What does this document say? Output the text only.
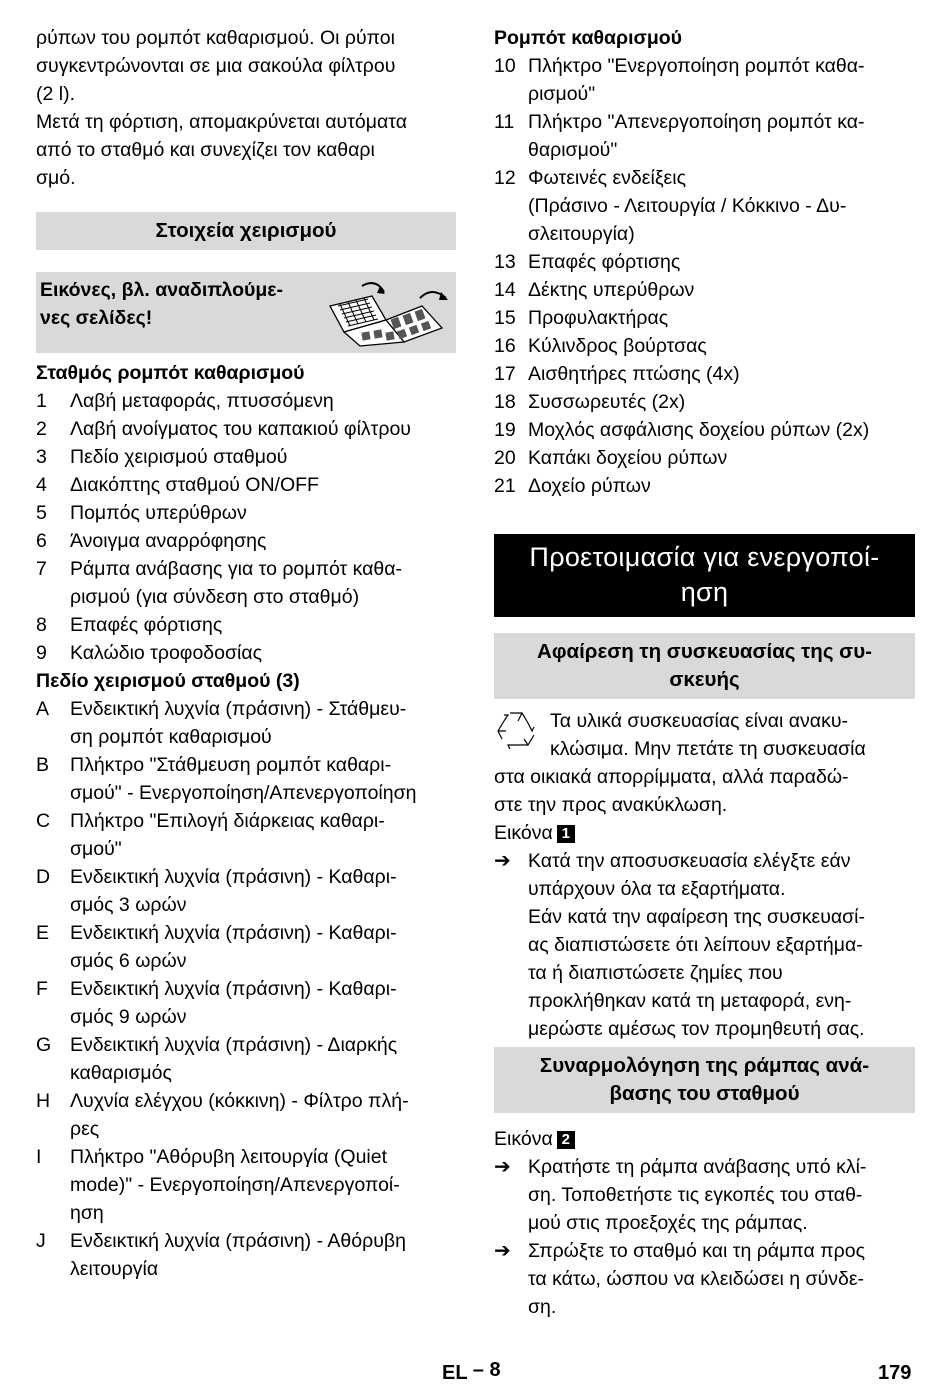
ρύπων του ρομπότ καθαρισμού. Οι ρύποι
συγκεντρώνονται σε μια σακούλα φίλτρου
(2 l).
Μετά τη φόρτιση, απομακρύνεται αυτόματα
από το σταθμό και συνεχίζει τον καθαρι
σμό.
Στοιχεία χειρισμού
Εικόνες, βλ. αναδιπλούμε-
νες σελίδες!

Σταθμός ρομπότ καθαρισμού

1	Λαβή μεταφοράς, πτυσσόμενη
2	Λαβή ανοίγματος του καπακιού φίλτρου
3	Πεδίο χειρισμού σταθμού
4	Διακόπτης σταθμού ON/OFF
5	Πομπός υπερύθρων
6	Άνοιγμα αναρρόφησης
7	Ράμπα ανάβασης για το ρομπότ καθα-
ρισμού (για σύνδεση στο σταθμό)
8	Επαφές φόρτισης
9	Καλώδιο τροφοδοσίας

Πεδίο χειρισμού σταθμού (3)

A	Ενδεικτική λυχνία (πράσινη) - Στάθμευ-
ση ρομπότ καθαρισμού
B	Πλήκτρο "Στάθμευση ρομπότ καθαρι-
σμού" - Ενεργοποίηση/Απενεργοποίηση
C	Πλήκτρο "Επιλογή διάρκειας καθαρι-
σμού"
D	Ενδεικτική λυχνία (πράσινη) - Καθαρι-
σμός 3 ωρών
E	Ενδεικτική λυχνία (πράσινη) - Καθαρι-
σμός 6 ωρών
F	Ενδεικτική λυχνία (πράσινη) - Καθαρι-
σμός 9 ωρών
G Ενδεικτική λυχνία (πράσινη) - Διαρκής
καθαρισμός
H	Λυχνία ελέγχου (κόκκινη) - Φίλτρο πλή-
ρες
I	Πλήκτρο "Αθόρυβη λειτουργία (Quiet
mode)" - Ενεργοποίηση/Απενεργοποί-
ηση
J	Ενδεικτική λυχνία (πράσινη) - Αθόρυβη
λειτουργία

Ρομπότ καθαρισμού

10 Πλήκτρο "Ενεργοποίηση ρομπότ καθα-
ρισμού"
11 Πλήκτρο "Απενεργοποίηση ρομπότ κα-
θαρισμού"
12 Φωτεινές ενδείξεις
(Πράσινο - Λειτουργία / Κόκκινο - Δυ-
σλειτουργία)
13 Επαφές φόρτισης
14 Δέκτης υπερύθρων
15 Προφυλακτήρας
16 Κύλινδρος βούρτσας
17 Αισθητήρες πτώσης (4x)
18 Συσσωρευτές (2x)
19 Μοχλός ασφάλισης δοχείου ρύπων (2x)
20 Καπάκι δοχείου ρύπων
21 Δοχείο ρύπων
Προετοιμασία για ενεργοποί-
ηση
Αφαίρεση τη συσκευασίας της συ-
σκευής
Τα υλικά συσκευασίας είναι ανακυ-
κλώσιμα. Μην πετάτε τη συσκευασία
στα οικιακά απορρίμματα, αλλά παραδώ-
στε την προς ανακύκλωση.

Εικόνα 1

➔ Κατά την αποσυσκευασία ελέγξτε εάν
υπάρχουν όλα τα εξαρτήματα.
Εάν κατά την αφαίρεση της συσκευασί-
ας διαπιστώσετε ότι λείπουν εξαρτήμα-
τα ή διαπιστώσετε ζημίες που
προκλήθηκαν κατά τη μεταφορά, ενη-
μερώστε αμέσως τον προμηθευτή σας.
Συναρμολόγηση της ράμπας ανά-
βασης του σταθμού

Εικόνα 2

➔ Κρατήστε τη ράμπα ανάβασης υπό κλί-
ση. Τοποθετήστε τις εγκοπές του σταθ-
μού στις προεξοχές της ράμπας.
➔ Σπρώξτε το σταθμό και τη ράμπα προς
τα κάτω, ώσπου να κλειδώσει η σύνδε-
ση.
EL – 8	179
